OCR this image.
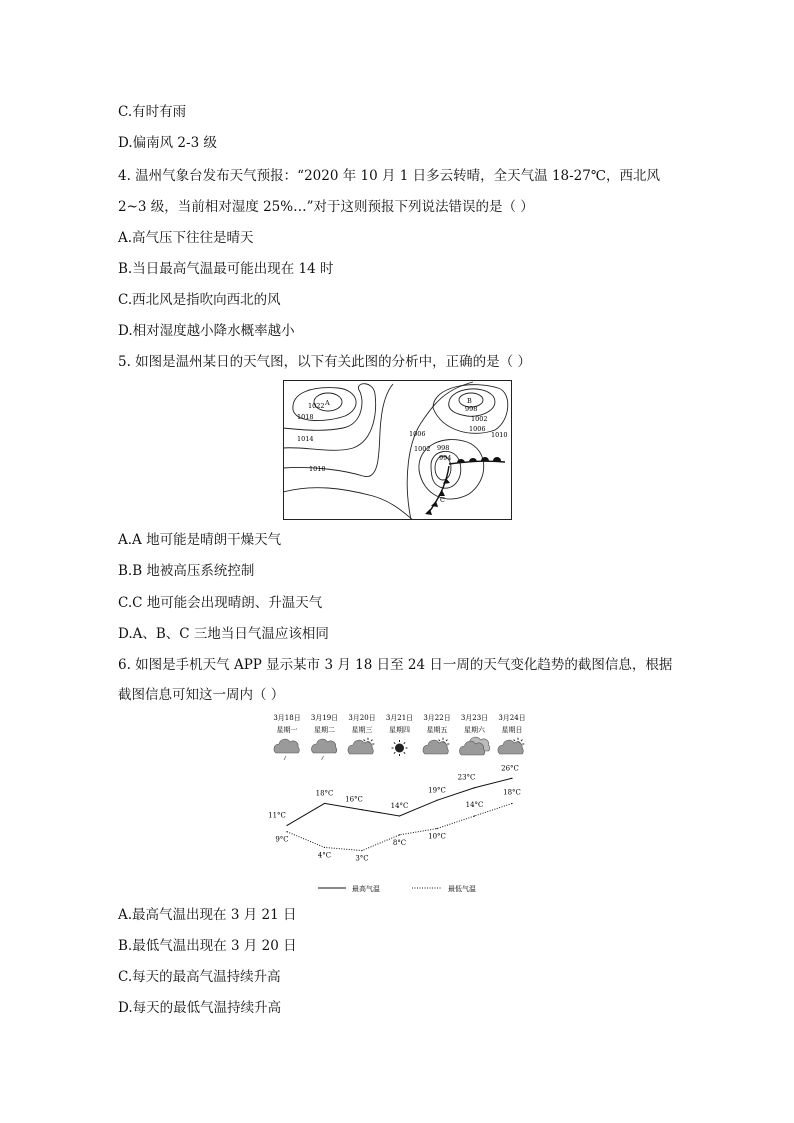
C.有时有雨
D.偏南风 2-3 级
4. 温州气象台发布天气预报：“2020 年 10 月 1 日多云转晴，全天气温 18-27℃，西北风
2~3 级，当前相对湿度 25%…”对于这则预报下列说法错误的是（ ）
A.高气压下往往是晴天
B.当日最高气温最可能出现在 14 时
C.西北风是指吹向西北的风
D.相对湿度越小降水概率越小
5. 如图是温州某日的天气图，以下有关此图的分析中，正确的是（ ）
A	B
C
1022
1018
1014
1010
998
1002
1006
1010
1006
1002 998
994
A.A 地可能是晴朗干燥天气
B.B 地被高压系统控制
C.C 地可能会出现晴朗、升温天气
D.A、B、C 三地当日气温应该相同
6. 如图是手机天气 APP 显示某市 3 月 18 日至 24 日一周的天气变化趋势的截图信息，根据
截图信息可知这一周内（ ）
3月18日
星期一
3月19日
星期二
3月20日
星期三
3月21日
星期四
3月22日
星期五
3月23日
星期六
3月24日
星期日
11°C
18°C
16°C
14°C
19°C
23°C
26°C
9°C
4°C	3°C
8°C
10°C
14°C
18°C
最高气温	最低气温
A.最高气温出现在 3 月 21 日
B.最低气温出现在 3 月 20 日
C.每天的最高气温持续升高
D.每天的最低气温持续升高
